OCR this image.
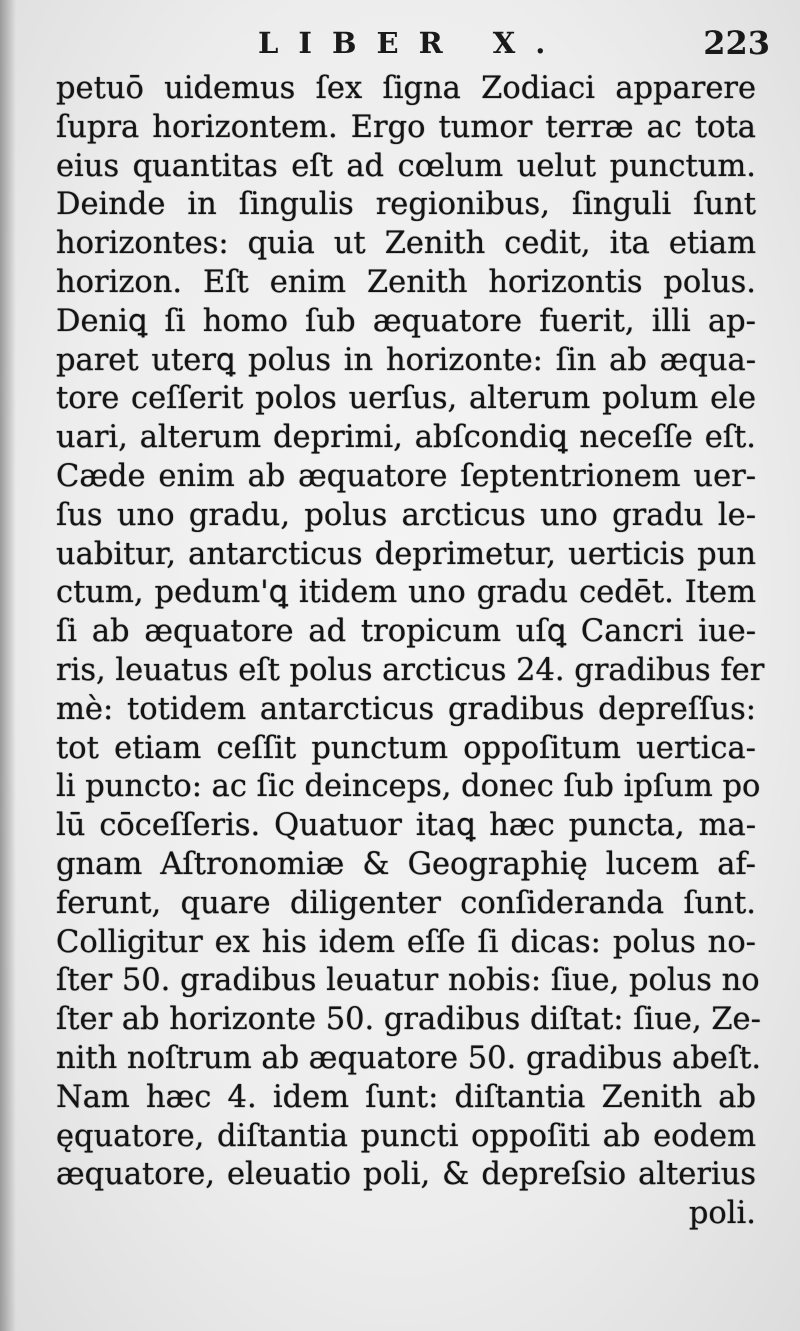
LIBER X.	223
petuō uidemus ſex ſigna Zodiaci apparere
ſupra horizontem. Ergo tumor terræ ac tota
eius quantitas eſt ad cœlum uelut punctum.
Deinde in ſingulis regionibus, ſinguli ſunt
horizontes: quia ut Zenith cedit, ita etiam
horizon. Eſt enim Zenith horizontis polus.
Deniꝗ ſi homo ſub æquatore fuerit, illi ap-
paret uterꝗ polus in horizonte: ſin ab æqua-
tore ceſſerit polos uerſus, alterum polum ele
uari, alterum deprimi, abſcondiꝗ neceſſe eſt.
Cæde enim ab æquatore ſeptentrionem uer-
ſus uno gradu, polus arcticus uno gradu le-
uabitur, antarcticus deprimetur, uerticis pun
ctum, pedum'ꝗ itidem uno gradu cedēt. Item
ſi ab æquatore ad tropicum uſꝗ Cancri iue-
ris, leuatus eſt polus arcticus 24. gradibus fer
mè: totidem antarcticus gradibus depreſſus:
tot etiam ceſſit punctum oppoſitum uertica-
li puncto: ac ſic deinceps, donec ſub ipſum po
lū cōceſſeris. Quatuor itaꝗ hæc puncta, ma-
gnam Aſtronomiæ & Geographię lucem af-
ferunt, quare diligenter conſideranda ſunt.
Colligitur ex his idem eſſe ſi dicas: polus no-
ſter 50. gradibus leuatur nobis: ſiue, polus no
ſter ab horizonte 50. gradibus diſtat: ſiue, Ze-
nith noſtrum ab æquatore 50. gradibus abeſt.
Nam hæc 4. idem ſunt: diſtantia Zenith ab
ęquatore, diſtantia puncti oppoſiti ab eodem
æquatore, eleuatio poli, & depreſsio alterius
poli.
